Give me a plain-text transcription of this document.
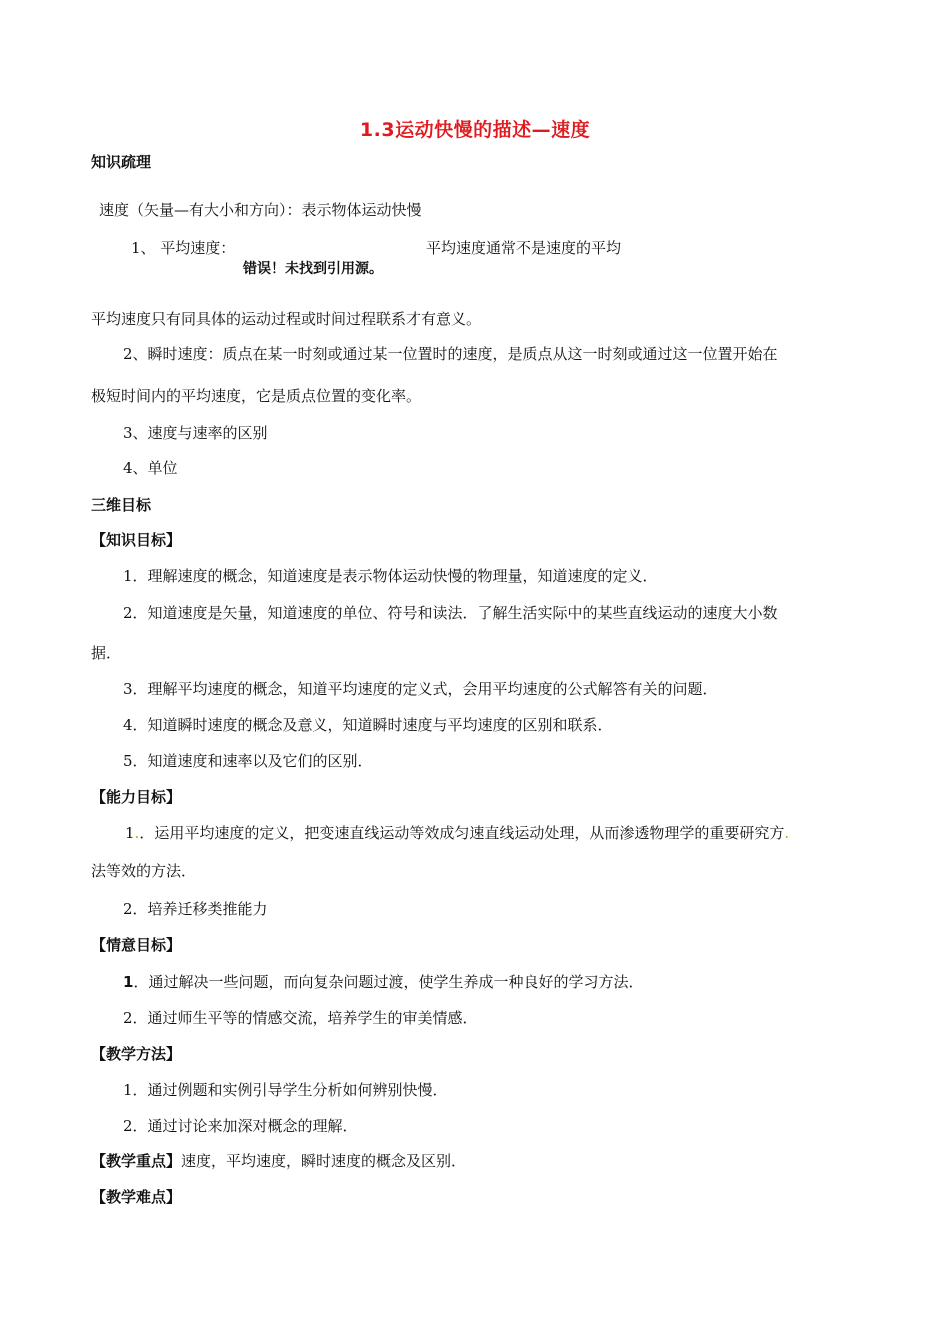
1.3运动快慢的描述—速度
知识疏理
速度（矢量—有大小和方向）：表示物体运动快慢
1、 平均速度：	平均速度通常不是速度的平均
错误！未找到引用源。
平均速度只有同具体的运动过程或时间过程联系才有意义。
2、瞬时速度：质点在某一时刻或通过某一位置时的速度，是质点从这一时刻或通过这一位置开始在
极短时间内的平均速度，它是质点位置的变化率。
3、速度与速率的区别
4、单位
三维目标
【知识目标】
1．理解速度的概念，知道速度是表示物体运动快慢的物理量，知道速度的定义．
2．知道速度是矢量，知道速度的单位、符号和读法．了解生活实际中的某些直线运动的速度大小数
据．
3．理解平均速度的概念，知道平均速度的定义式，会用平均速度的公式解答有关的问题．
4．知道瞬时速度的概念及意义，知道瞬时速度与平均速度的区别和联系．
5．知道速度和速率以及它们的区别．
【能力目标】
1.．运用平均速度的定义，把变速直线运动等效成匀速直线运动处理，从而渗透物理学的重要研究方.
法等效的方法．
2．培养迁移类推能力
【情意目标】
1．通过解决一些问题，而向复杂问题过渡，使学生养成一种良好的学习方法．
2．通过师生平等的情感交流，培养学生的审美情感．
【教学方法】
1．通过例题和实例引导学生分析如何辨别快慢．
2．通过讨论来加深对概念的理解．
【教学重点】速度，平均速度，瞬时速度的概念及区别．
【教学难点】
